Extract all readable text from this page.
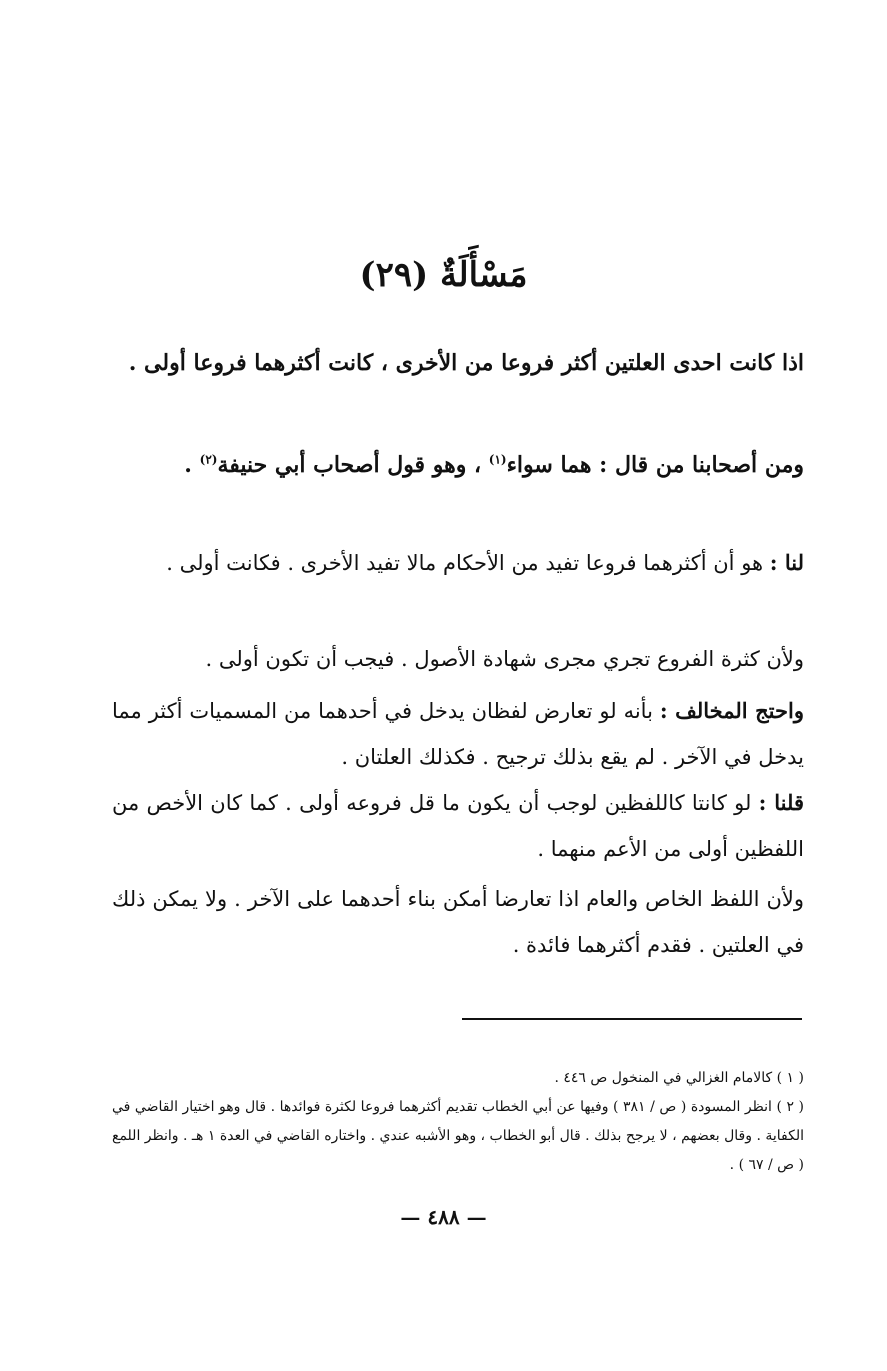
مَسْأَلَةٌ (٢٩)
اذا كانت احدى العلتين أكثر فروعا من الأخرى ، كانت أكثرهما فروعا أولى .
ومن أصحابنا من قال : هما سواء$^{(١)}$ ، وهو قول أصحاب أبي حنيفة$^{(٢)}$ .
لنا : هو أن أكثرهما فروعا تفيد من الأحكام مالا تفيد الأخرى . فكانت أولى .
ولأن كثرة الفروع تجري مجرى شهادة الأصول . فيجب أن تكون أولى .
واحتج المخالف : بأنه لو تعارض لفظان يدخل في أحدهما من المسميات أكثر مما يدخل في الآخر . لم يقع بذلك ترجيح . فكذلك العلتان .
قلنا : لو كانتا كاللفظين لوجب أن يكون ما قل فروعه أولى . كما كان الأخص من اللفظين أولى من الأعم منهما .
ولأن اللفظ الخاص والعام اذا تعارضا أمكن بناء أحدهما على الآخر . ولا يمكن ذلك في العلتين . فقدم أكثرهما فائدة .
( ١ ) كالامام الغزالي في المنخول ص ٤٤٦ .
( ٢ ) انظر المسودة ( ص / ٣٨١ ) وفيها عن أبي الخطاب تقديم أكثرهما فروعا لكثرة فوائدها . قال وهو اختيار القاضي في الكفاية . وقال بعضهم ، لا يرجح بذلك . قال أبو الخطاب ، وهو الأشبه عندي . واختاره القاضي في العدة ١ هـ . وانظر اللمع ( ص / ٦٧ ) .
— ٤٨٨ —
